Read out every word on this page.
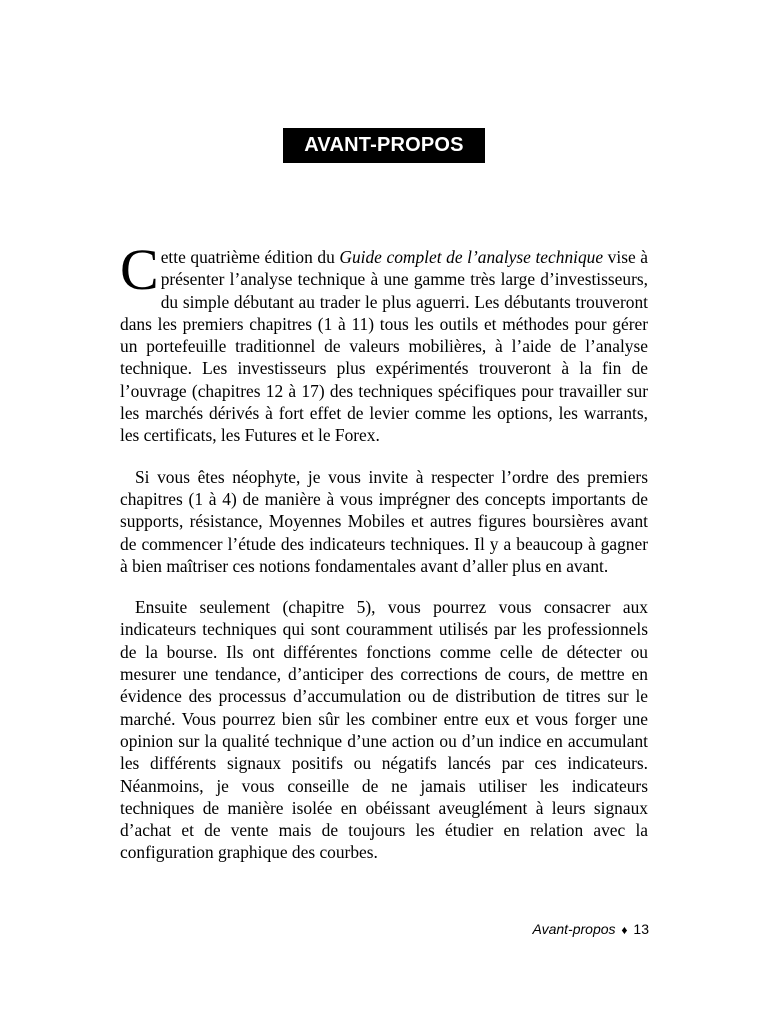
AVANT-PROPOS

Cette quatrième édition du Guide complet de l’analyse technique vise à présenter l’analyse technique à une gamme très large d’investisseurs, du simple débutant au trader le plus aguerri. Les débutants trouveront dans les premiers chapitres (1 à 11) tous les outils et méthodes pour gérer un portefeuille traditionnel de valeurs mobilières, à l’aide de l’analyse technique. Les investisseurs plus expérimentés trouveront à la fin de l’ouvrage (chapitres 12 à 17) des techniques spécifiques pour travailler sur les marchés dérivés à fort effet de levier comme les options, les warrants, les certificats, les Futures et le Forex.

Si vous êtes néophyte, je vous invite à respecter l’ordre des premiers chapitres (1 à 4) de manière à vous imprégner des concepts importants de supports, résistance, Moyennes Mobiles et autres figures boursières avant de commencer l’étude des indicateurs techniques. Il y a beaucoup à gagner à bien maîtriser ces notions fondamentales avant d’aller plus en avant.

Ensuite seulement (chapitre 5), vous pourrez vous consacrer aux indicateurs techniques qui sont couramment utilisés par les professionnels de la bourse. Ils ont différentes fonctions comme celle de détecter ou mesurer une tendance, d’anticiper des corrections de cours, de mettre en évidence des processus d’accumulation ou de distribution de titres sur le marché. Vous pourrez bien sûr les combiner entre eux et vous forger une opinion sur la qualité technique d’une action ou d’un indice en accumulant les différents signaux positifs ou négatifs lancés par ces indicateurs. Néanmoins, je vous conseille de ne jamais utiliser les indicateurs techniques de manière isolée en obéissant aveuglément à leurs signaux d’achat et de vente mais de toujours les étudier en relation avec la configuration graphique des courbes.

Avant-propos ♦ 13
